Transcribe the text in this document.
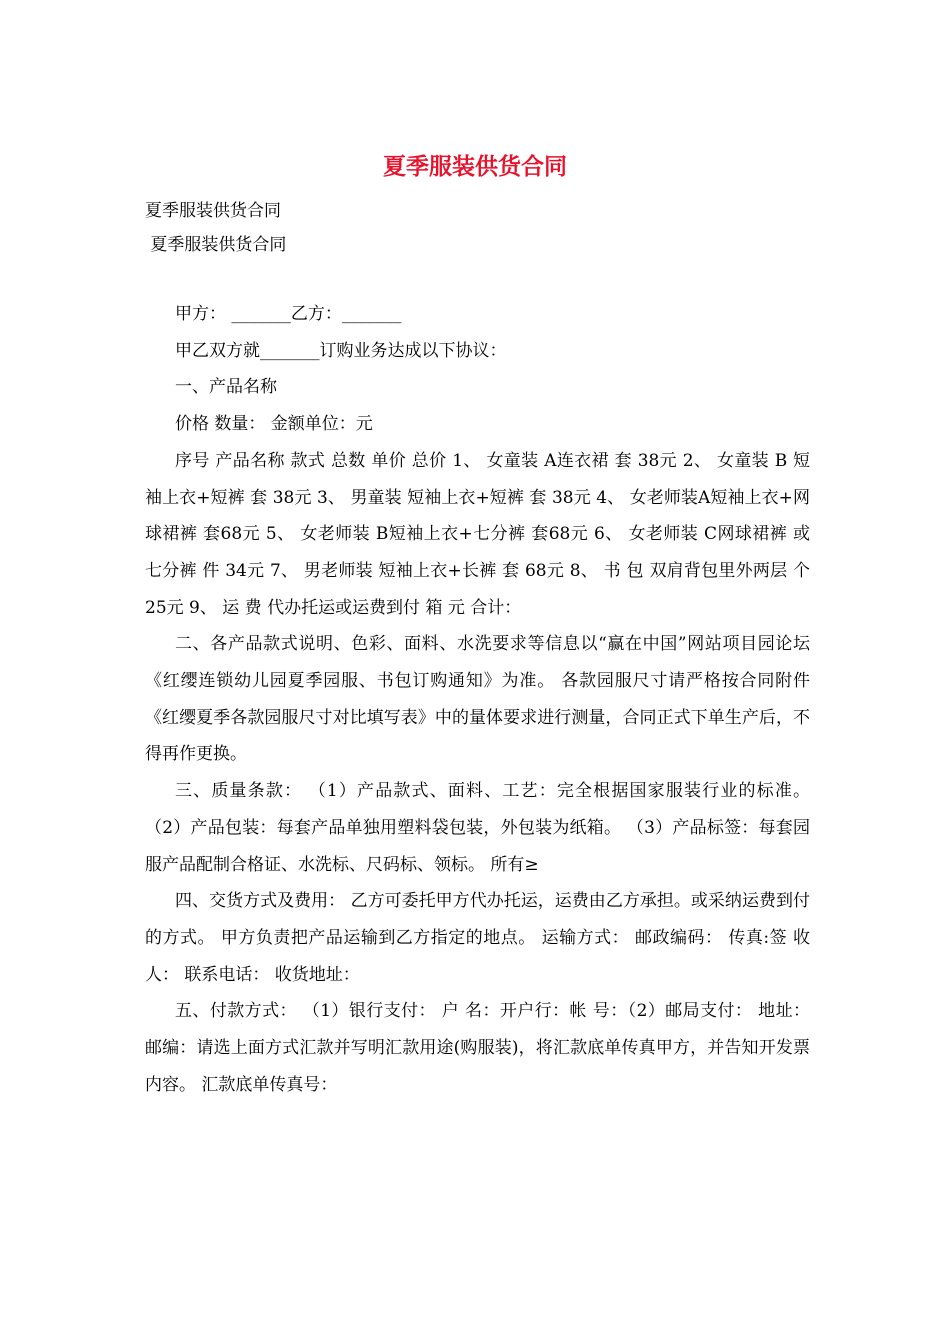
夏季服装供货合同
夏季服装供货合同
夏季服装供货合同

甲方： _______乙方：_______

甲乙双方就_______订购业务达成以下协议：

一、产品名称

价格 数量： 金额单位：元

序号 产品名称 款式 总数 单价 总价 1、 女童装 A连衣裙 套 38元 2、 女童装 B 短袖上衣+短裤 套 38元 3、 男童装 短袖上衣+短裤 套 38元 4、 女老师装A短袖上衣+网球裙裤 套68元 5、 女老师装 B短袖上衣+七分裤 套68元 6、 女老师装 C网球裙裤 或 七分裤 件 34元 7、 男老师装 短袖上衣+长裤 套 68元 8、 书 包 双肩背包里外两层 个 25元 9、 运 费 代办托运或运费到付 箱 元 合计：

二、各产品款式说明、色彩、面料、水洗要求等信息以“赢在中国”网站项目园论坛《红缨连锁幼儿园夏季园服、书包订购通知》为准。 各款园服尺寸请严格按合同附件《红缨夏季各款园服尺寸对比填写表》中的量体要求进行测量，合同正式下单生产后，不得再作更换。

三、质量条款： （1）产品款式、面料、工艺：完全根据国家服装行业的标准。 （2）产品包装：每套产品单独用塑料袋包装，外包装为纸箱。 （3）产品标签：每套园服产品配制合格证、水洗标、尺码标、领标。 所有≥

四、交货方式及费用： 乙方可委托甲方代办托运，运费由乙方承担。或采纳运费到付的方式。 甲方负责把产品运输到乙方指定的地点。 运输方式： 邮政编码： 传真:签 收 人： 联系电话： 收货地址：

五、付款方式： （1）银行支付： 户 名：开户行：帐 号：（2）邮局支付： 地址：邮编：请选上面方式汇款并写明汇款用途(购服装)，将汇款底单传真甲方，并告知开发票内容。 汇款底单传真号：
